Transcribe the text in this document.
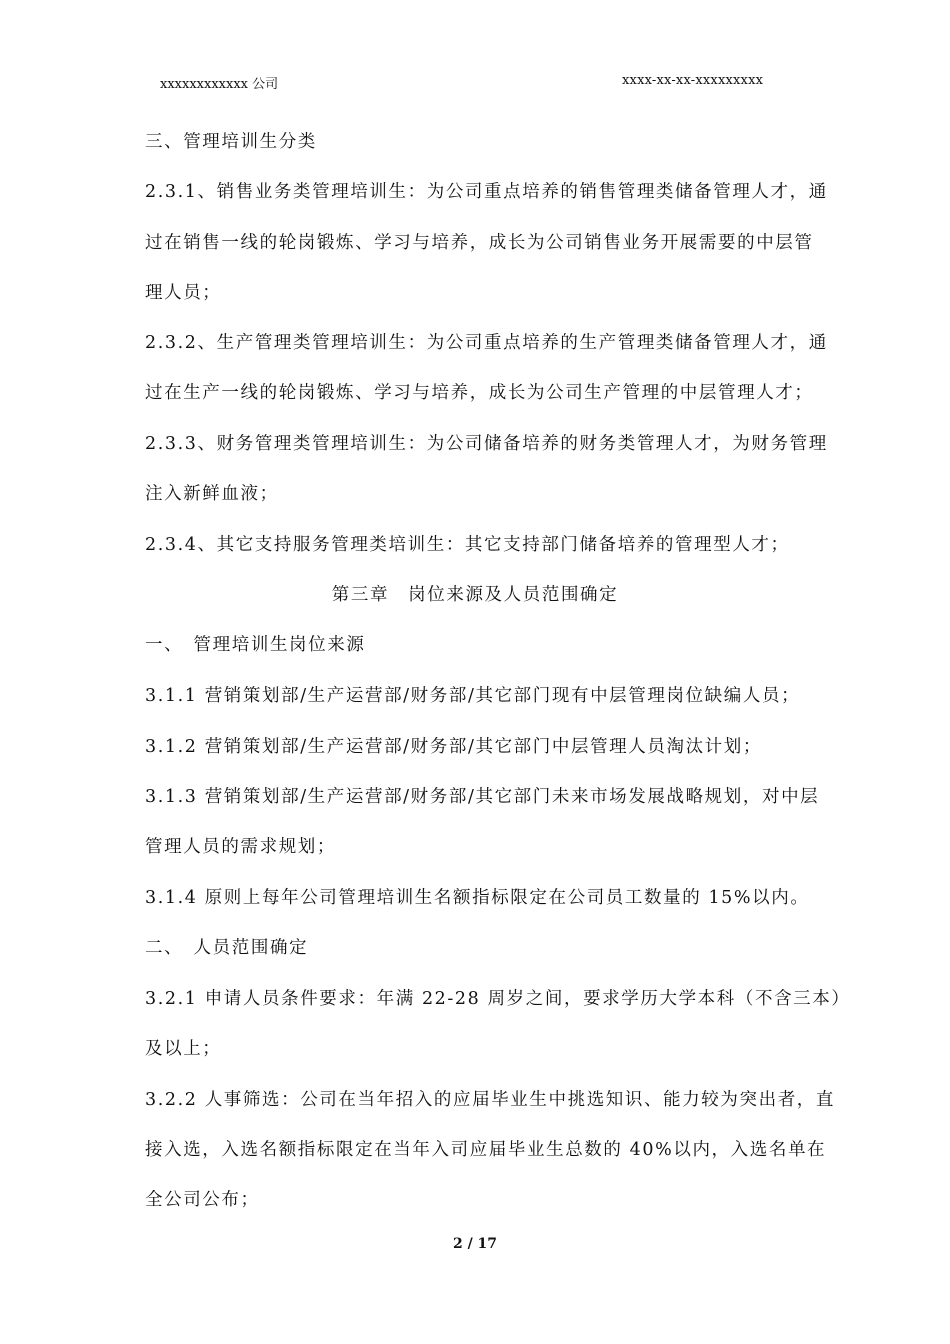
xxxxxxxxxxxx 公司	xxxx-xx-xx-xxxxxxxxx
三、管理培训生分类
2.3.1、销售业务类管理培训生：为公司重点培养的销售管理类储备管理人才，通
过在销售一线的轮岗锻炼、学习与培养，成长为公司销售业务开展需要的中层管
理人员；
2.3.2、生产管理类管理培训生：为公司重点培养的生产管理类储备管理人才，通
过在生产一线的轮岗锻炼、学习与培养，成长为公司生产管理的中层管理人才；
2.3.3、财务管理类管理培训生：为公司储备培养的财务类管理人才，为财务管理
注入新鲜血液；
2.3.4、其它支持服务管理类培训生：其它支持部门储备培养的管理型人才；
第三章　岗位来源及人员范围确定
一、　管理培训生岗位来源
3.1.1 营销策划部/生产运营部/财务部/其它部门现有中层管理岗位缺编人员；
3.1.2 营销策划部/生产运营部/财务部/其它部门中层管理人员淘汰计划；
3.1.3 营销策划部/生产运营部/财务部/其它部门未来市场发展战略规划，对中层
管理人员的需求规划；
3.1.4 原则上每年公司管理培训生名额指标限定在公司员工数量的 15%以内。
二、　人员范围确定
3.2.1 申请人员条件要求：年满 22-28 周岁之间，要求学历大学本科（不含三本）
及以上；
3.2.2 人事筛选：公司在当年招入的应届毕业生中挑选知识、能力较为突出者，直
接入选，入选名额指标限定在当年入司应届毕业生总数的 40%以内，入选名单在
全公司公布；
2 / 17
